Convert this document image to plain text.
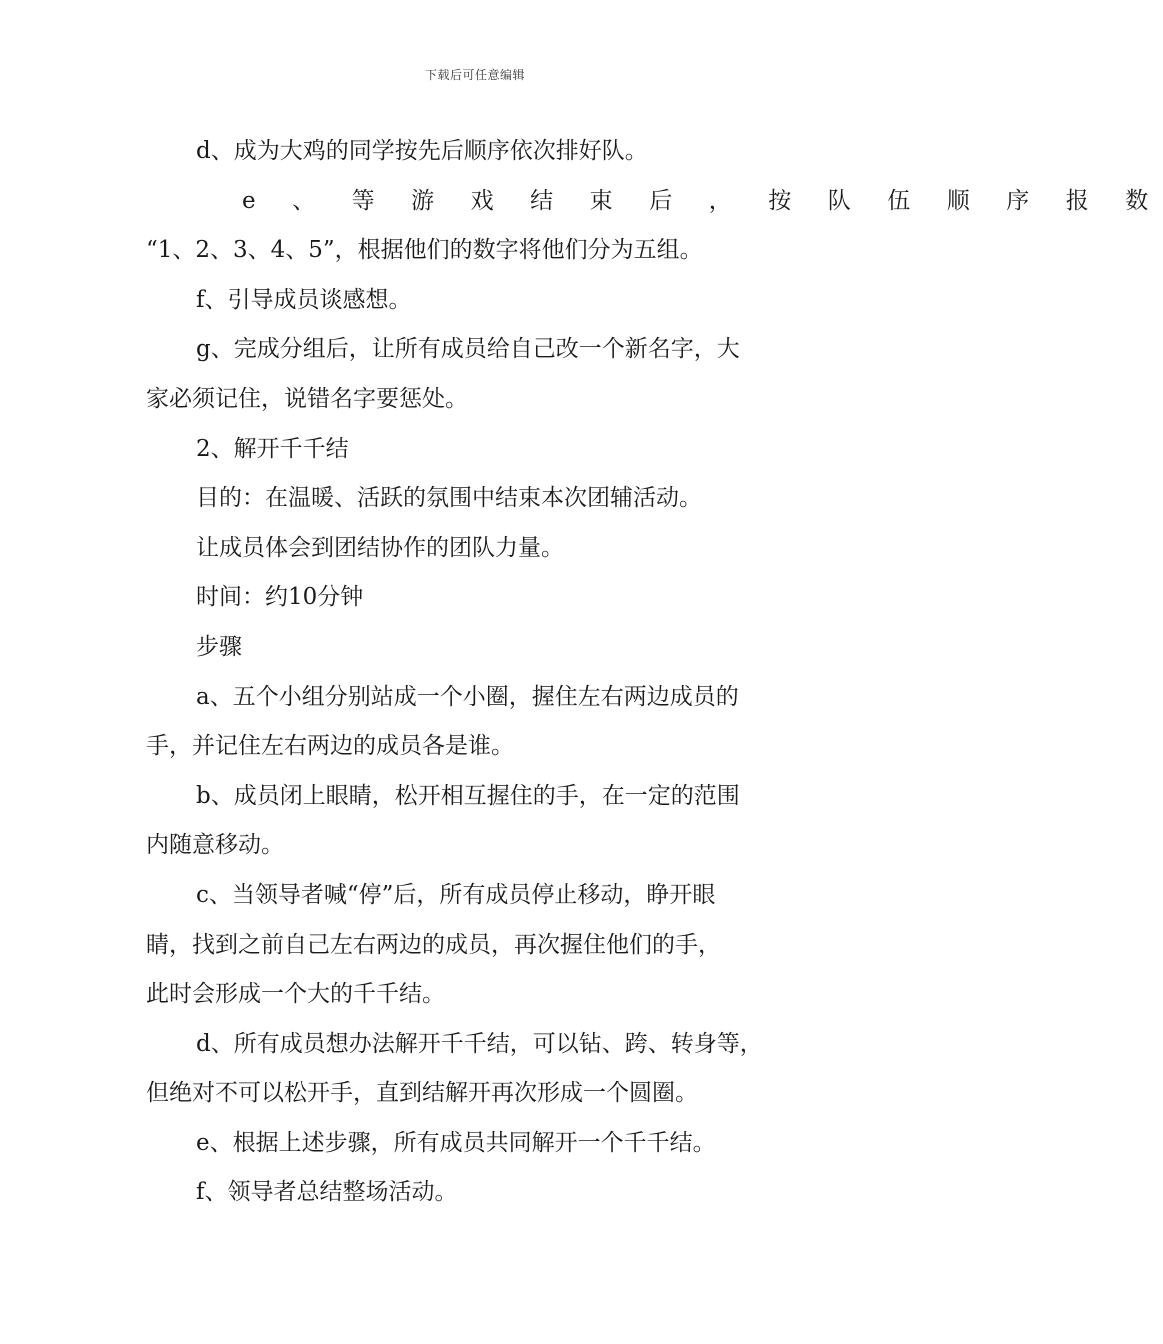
下载后可任意编辑

d、成为大鸡的同学按先后顺序依次排好队。

e 、 等 游 戏 结 束 后 ， 按 队 伍 顺 序 报 数

“1、2、3、4、5”，根据他们的数字将他们分为五组。

f、引导成员谈感想。

g、完成分组后，让所有成员给自己改一个新名字，大

家必须记住，说错名字要惩处。

2、解开千千结

目的：在温暖、活跃的氛围中结束本次团辅活动。

让成员体会到团结协作的团队力量。

时间：约10分钟

步骤

a、五个小组分别站成一个小圈，握住左右两边成员的

手，并记住左右两边的成员各是谁。

b、成员闭上眼睛，松开相互握住的手，在一定的范围

内随意移动。

c、当领导者喊“停”后，所有成员停止移动，睁开眼

睛，找到之前自己左右两边的成员，再次握住他们的手，

此时会形成一个大的千千结。

d、所有成员想办法解开千千结，可以钻、跨、转身等，

但绝对不可以松开手，直到结解开再次形成一个圆圈。

e、根据上述步骤，所有成员共同解开一个千千结。

f、领导者总结整场活动。
